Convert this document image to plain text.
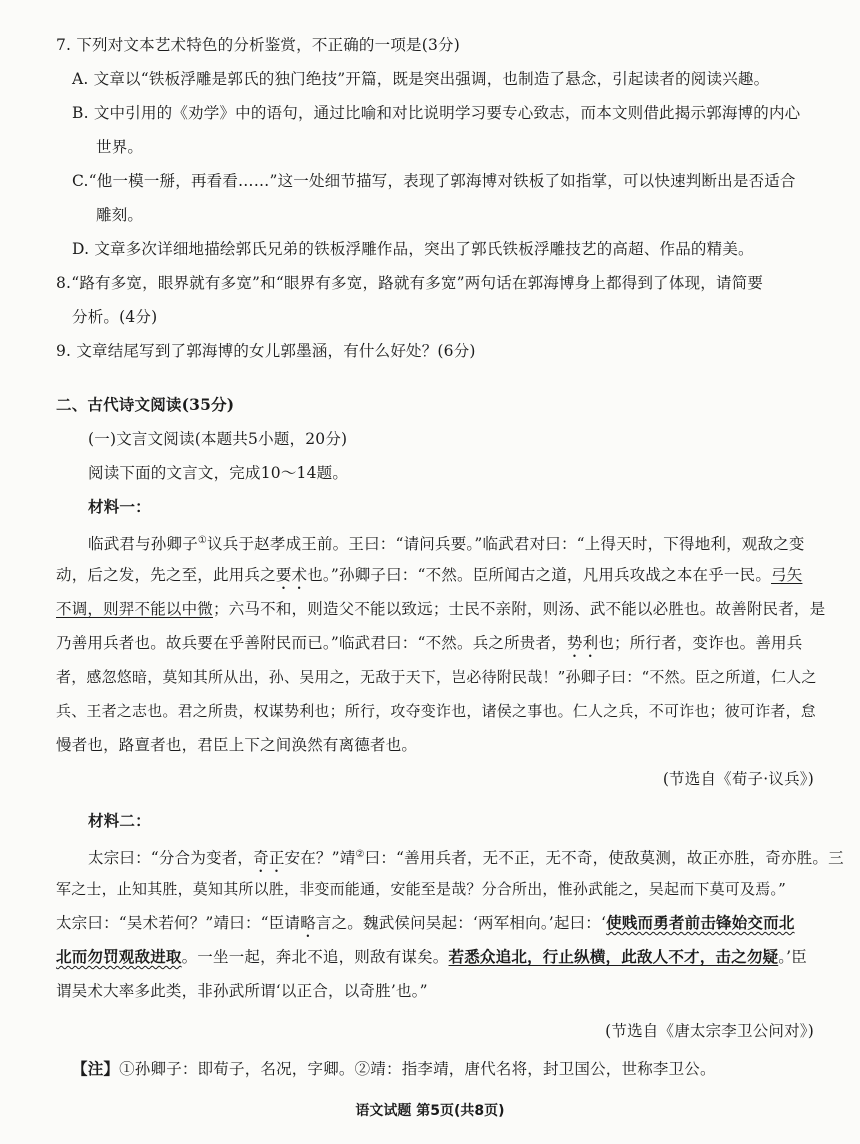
7. 下列对文本艺术特色的分析鉴赏，不正确的一项是(3分)
A. 文章以“铁板浮雕是郭氏的独门绝技”开篇，既是突出强调，也制造了悬念，引起读者的阅读兴趣。
B. 文中引用的《劝学》中的语句，通过比喻和对比说明学习要专心致志，而本文则借此揭示郭海博的内心
世界。
C.“他一模一掰，再看看……”这一处细节描写，表现了郭海博对铁板了如指掌，可以快速判断出是否适合
雕刻。
D. 文章多次详细地描绘郭氏兄弟的铁板浮雕作品，突出了郭氏铁板浮雕技艺的高超、作品的精美。
8.“路有多宽，眼界就有多宽”和“眼界有多宽，路就有多宽”两句话在郭海博身上都得到了体现，请简要
分析。(4分)
9. 文章结尾写到了郭海博的女儿郭墨涵，有什么好处？(6分)
二、古代诗文阅读(35分)
(一)文言文阅读(本题共5小题，20分)
阅读下面的文言文，完成10～14题。
材料一：
临武君与孙卿子①议兵于赵孝成王前。王曰：“请问兵要。”临武君对曰：“上得天时，下得地利，观敌之变
动，后之发，先之至，此用兵之要术也。”孙卿子曰：“不然。臣所闻古之道，凡用兵攻战之本在乎一民。弓矢
不调，则羿不能以中微；六马不和，则造父不能以致远；士民不亲附，则汤、武不能以必胜也。故善附民者，是
乃善用兵者也。故兵要在乎善附民而已。”临武君曰：“不然。兵之所贵者，势利也；所行者，变诈也。善用兵
者，感忽悠暗，莫知其所从出，孙、吴用之，无敌于天下，岂必待附民哉！”孙卿子曰：“不然。臣之所道，仁人之
兵、王者之志也。君之所贵，权谋势利也；所行，攻夺变诈也，诸侯之事也。仁人之兵，不可诈也；彼可诈者，怠
慢者也，路亶者也，君臣上下之间涣然有离德者也。
(节选自《荀子·议兵》)
材料二：
太宗曰：“分合为变者，奇正安在？”靖②曰：“善用兵者，无不正，无不奇，使敌莫测，故正亦胜，奇亦胜。三
军之士，止知其胜，莫知其所以胜，非变而能通，安能至是哉？分合所出，惟孙武能之，吴起而下莫可及焉。”
太宗曰：“吴术若何？”靖曰：“臣请略言之。魏武侯问吴起：‘两军相向。’起曰：‘使贱而勇者前击锋始交而北
北而勿罚观敌进取。一坐一起，奔北不追，则敌有谋矣。若悉众追北，行止纵横，此敌人不才，击之勿疑。’臣
谓吴术大率多此类，非孙武所谓‘以正合，以奇胜’也。”
(节选自《唐太宗李卫公问对》)
【注】①孙卿子：即荀子，名况，字卿。②靖：指李靖，唐代名将，封卫国公，世称李卫公。
语文试题 第5页(共8页)
